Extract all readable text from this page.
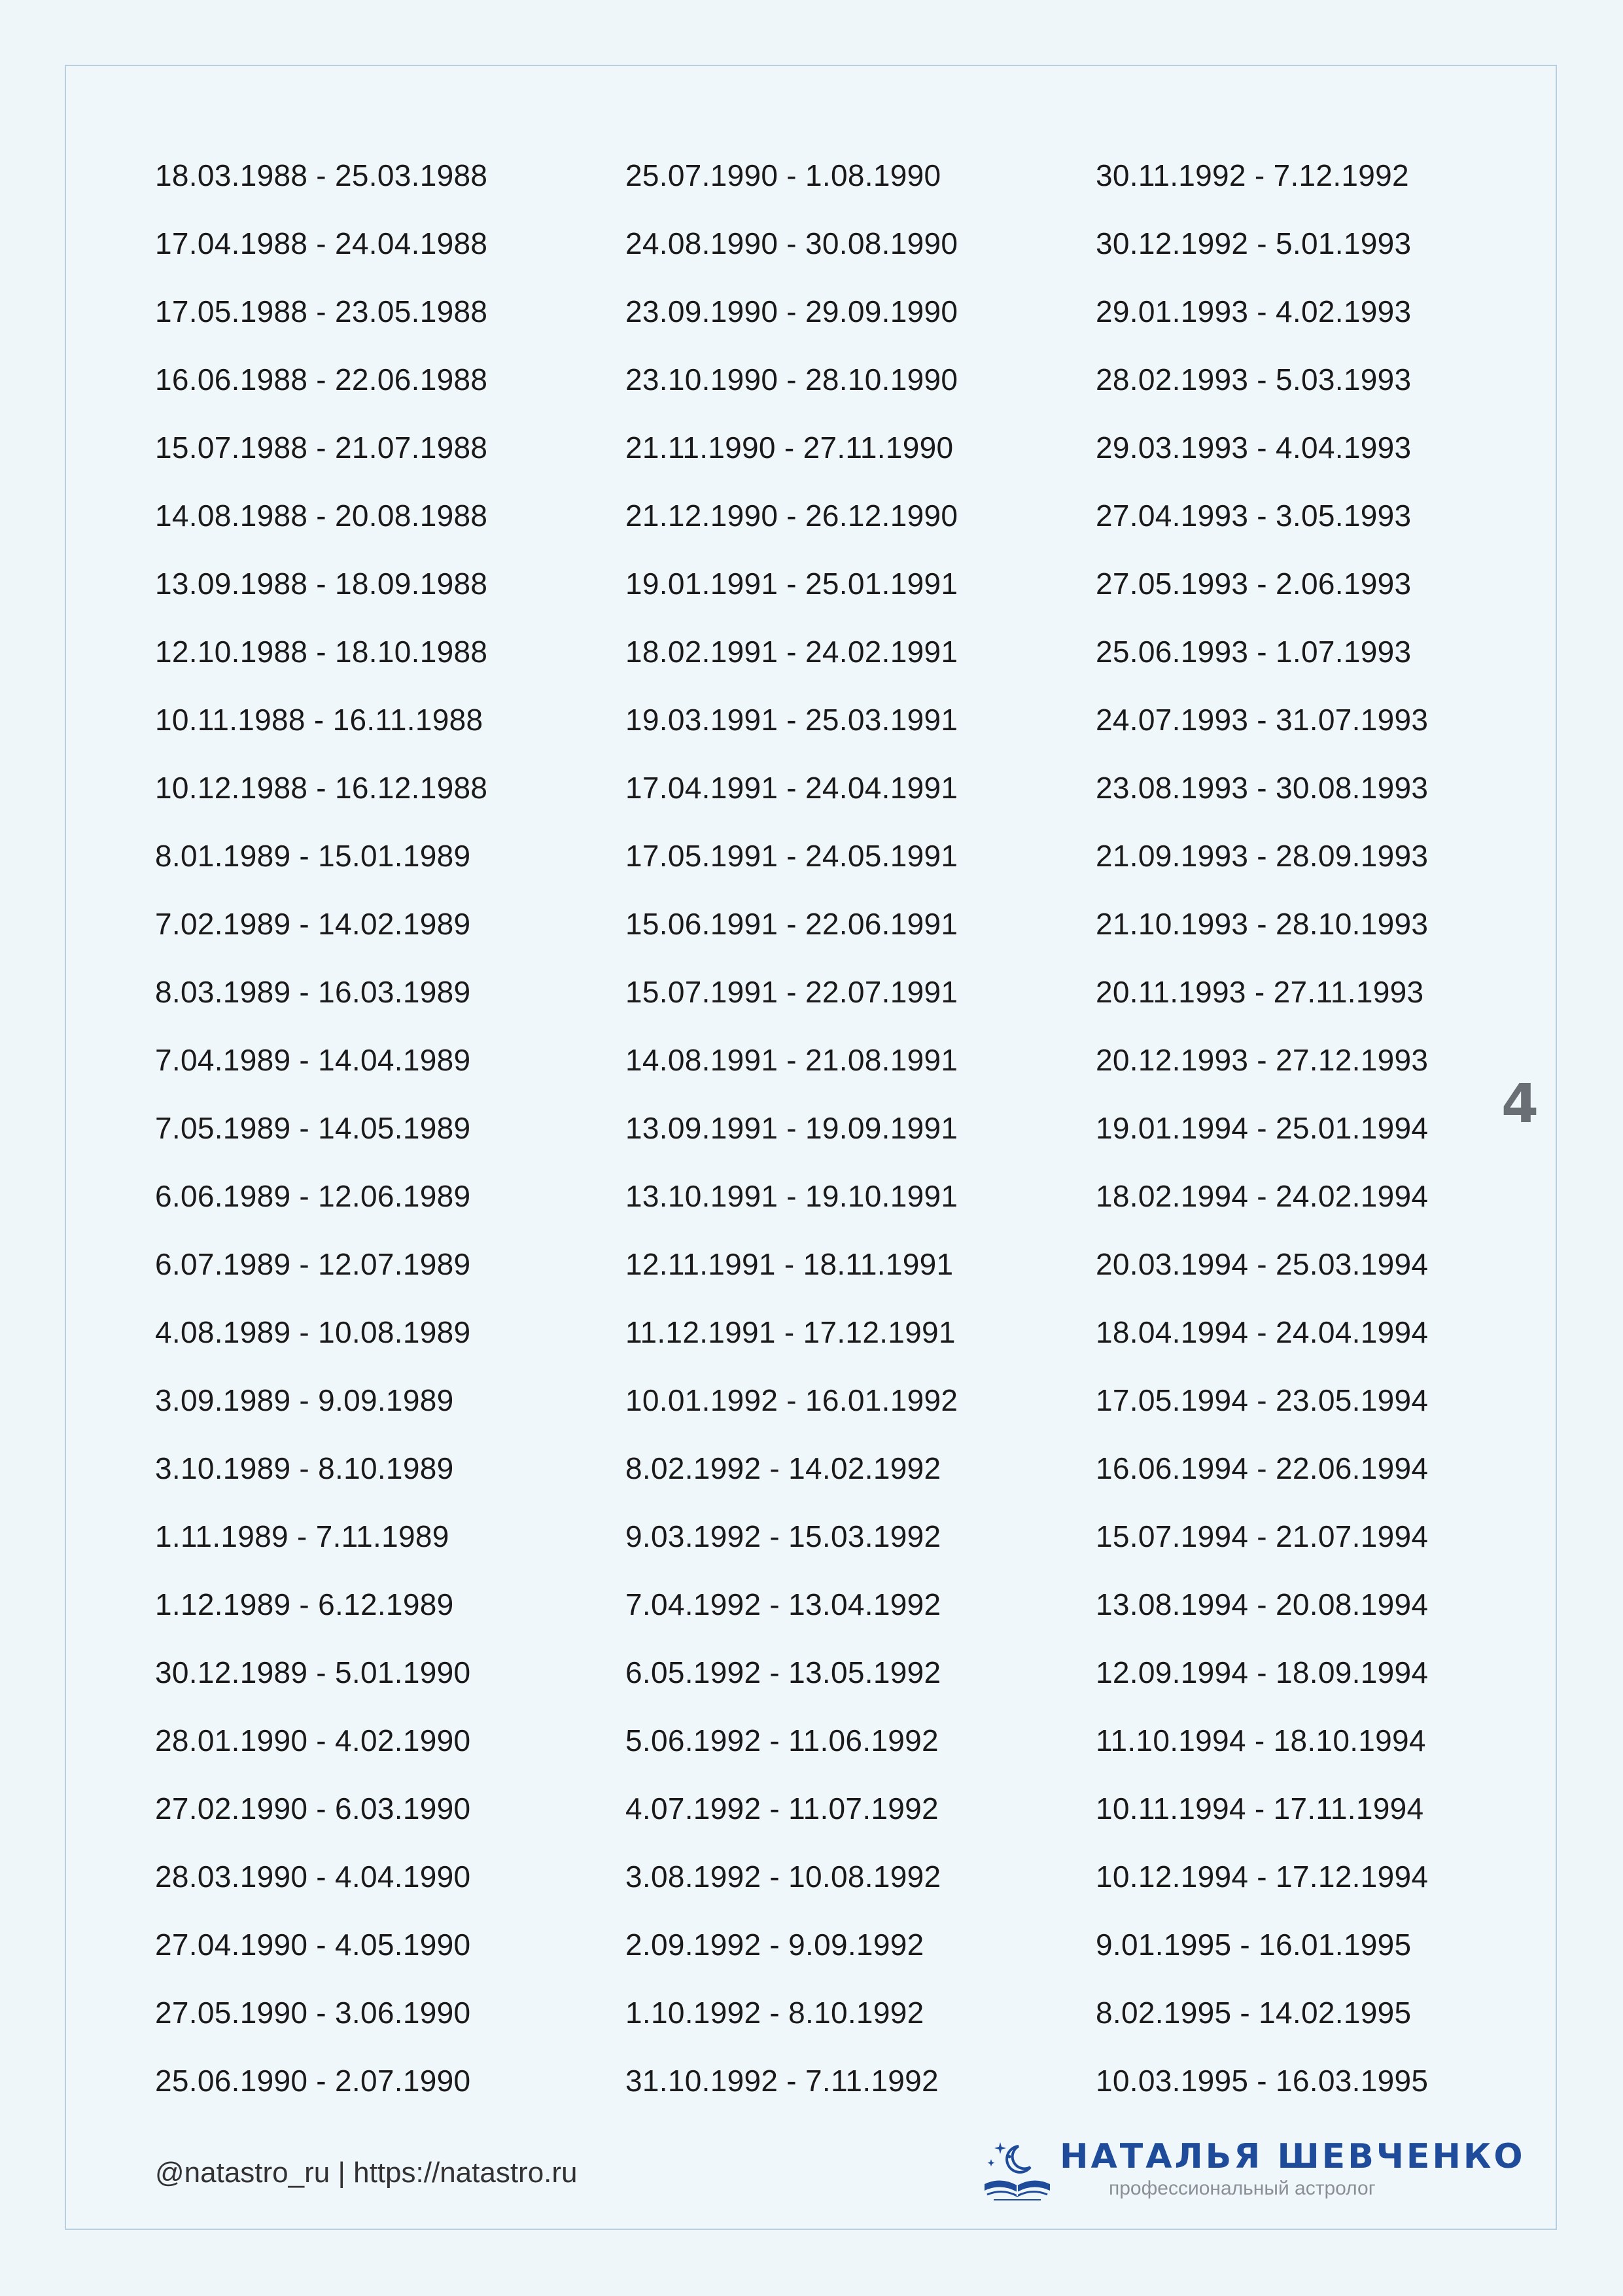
18.03.1988 - 25.03.1988
17.04.1988 - 24.04.1988
17.05.1988 - 23.05.1988
16.06.1988 - 22.06.1988
15.07.1988 - 21.07.1988
14.08.1988 - 20.08.1988
13.09.1988 - 18.09.1988
12.10.1988 - 18.10.1988
10.11.1988 - 16.11.1988
10.12.1988 - 16.12.1988
8.01.1989 - 15.01.1989
7.02.1989 - 14.02.1989
8.03.1989 - 16.03.1989
7.04.1989 - 14.04.1989
7.05.1989 - 14.05.1989
6.06.1989 - 12.06.1989
6.07.1989 - 12.07.1989
4.08.1989 - 10.08.1989
3.09.1989 - 9.09.1989
3.10.1989 - 8.10.1989
1.11.1989 - 7.11.1989
1.12.1989 - 6.12.1989
30.12.1989 - 5.01.1990
28.01.1990 - 4.02.1990
27.02.1990 - 6.03.1990
28.03.1990 - 4.04.1990
27.04.1990 - 4.05.1990
27.05.1990 - 3.06.1990
25.06.1990 - 2.07.1990
25.07.1990 - 1.08.1990
24.08.1990 - 30.08.1990
23.09.1990 - 29.09.1990
23.10.1990 - 28.10.1990
21.11.1990 - 27.11.1990
21.12.1990 - 26.12.1990
19.01.1991 - 25.01.1991
18.02.1991 - 24.02.1991
19.03.1991 - 25.03.1991
17.04.1991 - 24.04.1991
17.05.1991 - 24.05.1991
15.06.1991 - 22.06.1991
15.07.1991 - 22.07.1991
14.08.1991 - 21.08.1991
13.09.1991 - 19.09.1991
13.10.1991 - 19.10.1991
12.11.1991 - 18.11.1991
11.12.1991 - 17.12.1991
10.01.1992 - 16.01.1992
8.02.1992 - 14.02.1992
9.03.1992 - 15.03.1992
7.04.1992 - 13.04.1992
6.05.1992 - 13.05.1992
5.06.1992 - 11.06.1992
4.07.1992 - 11.07.1992
3.08.1992 - 10.08.1992
2.09.1992 - 9.09.1992
1.10.1992 - 8.10.1992
31.10.1992 - 7.11.1992
30.11.1992 - 7.12.1992
30.12.1992 - 5.01.1993
29.01.1993 - 4.02.1993
28.02.1993 - 5.03.1993
29.03.1993 - 4.04.1993
27.04.1993 - 3.05.1993
27.05.1993 - 2.06.1993
25.06.1993 - 1.07.1993
24.07.1993 - 31.07.1993
23.08.1993 - 30.08.1993
21.09.1993 - 28.09.1993
21.10.1993 - 28.10.1993
20.11.1993 - 27.11.1993
20.12.1993 - 27.12.1993
19.01.1994 - 25.01.1994
18.02.1994 - 24.02.1994
20.03.1994 - 25.03.1994
18.04.1994 - 24.04.1994
17.05.1994 - 23.05.1994
16.06.1994 - 22.06.1994
15.07.1994 - 21.07.1994
13.08.1994 - 20.08.1994
12.09.1994 - 18.09.1994
11.10.1994 - 18.10.1994
10.11.1994 - 17.11.1994
10.12.1994 - 17.12.1994
9.01.1995 - 16.01.1995
8.02.1995 - 14.02.1995
10.03.1995 - 16.03.1995
4
@natastro_ru | https://natastro.ru	НАТАЛЬЯ ШЕВЧЕНКО
профессиональный астролог
